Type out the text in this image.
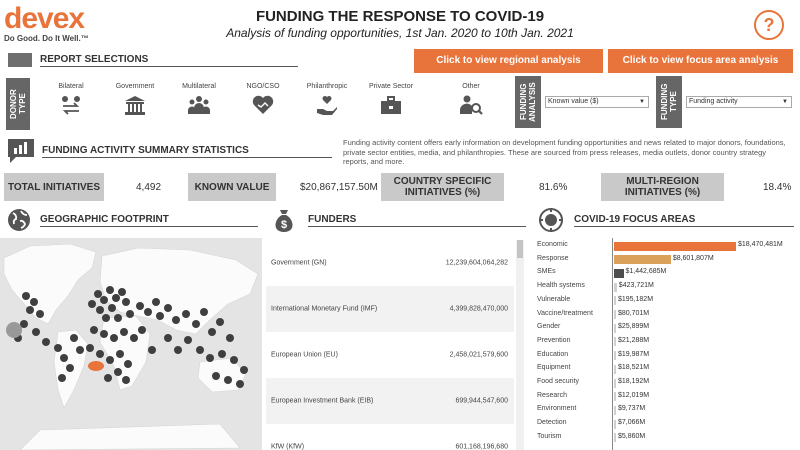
devex
Do Good. Do It Well.™
FUNDING THE RESPONSE TO COVID-19
Analysis of funding opportunities, 1st Jan. 2020 to 10th Jan. 2021	?
REPORT SELECTIONS	Click to view regional analysis	Click to view focus area analysis
DONOR TYPE
Bilateral	Government	Multilateral	NGO/CSO	Philanthropic	Private Sector	Other	FUNDING ANALYSIS	Known value ($)	▼ FUNDING TYPE	Funding activity	▼
FUNDING ACTIVITY SUMMARY STATISTICS
Funding activity content offers early information on development funding opportunities and news related to major donors, foundations, private sector entities, media, and philanthropies. These are sourced from press releases, media outlets, donor country strategy reports, and more.
TOTAL INITIATIVES	4,492	KNOWN VALUE	$20,867,157.50M
COUNTRY SPECIFIC INITIATIVES (%)	81.6%
MULTI-REGION INITIATIVES (%)	18.4%
GEOGRAPHIC FOOTPRINT	$ FUNDERS
Government (GN)	12,239,604,064,282
International Monetary Fund (IMF)	4,399,828,470,000
European Union (EU)	2,458,021,579,600
European Investment Bank (EIB)	699,944,547,600
KfW (KfW)	601,168,196,680
COVID-19 FOCUS AREAS
Economic	$18,470,481M
Response	$8,601,807M
SMEs	$1,442,685M
Health systems	$423,721M
Vulnerable	$195,182M
Vaccine/treatment	$80,701M
Gender	$25,899M
Prevention	$21,288M
Education	$19,987M
Equipment	$18,521M
Food security	$18,192M
Research	$12,019M
Environment	$9,737M
Detection	$7,066M
Tourism	$5,860M
